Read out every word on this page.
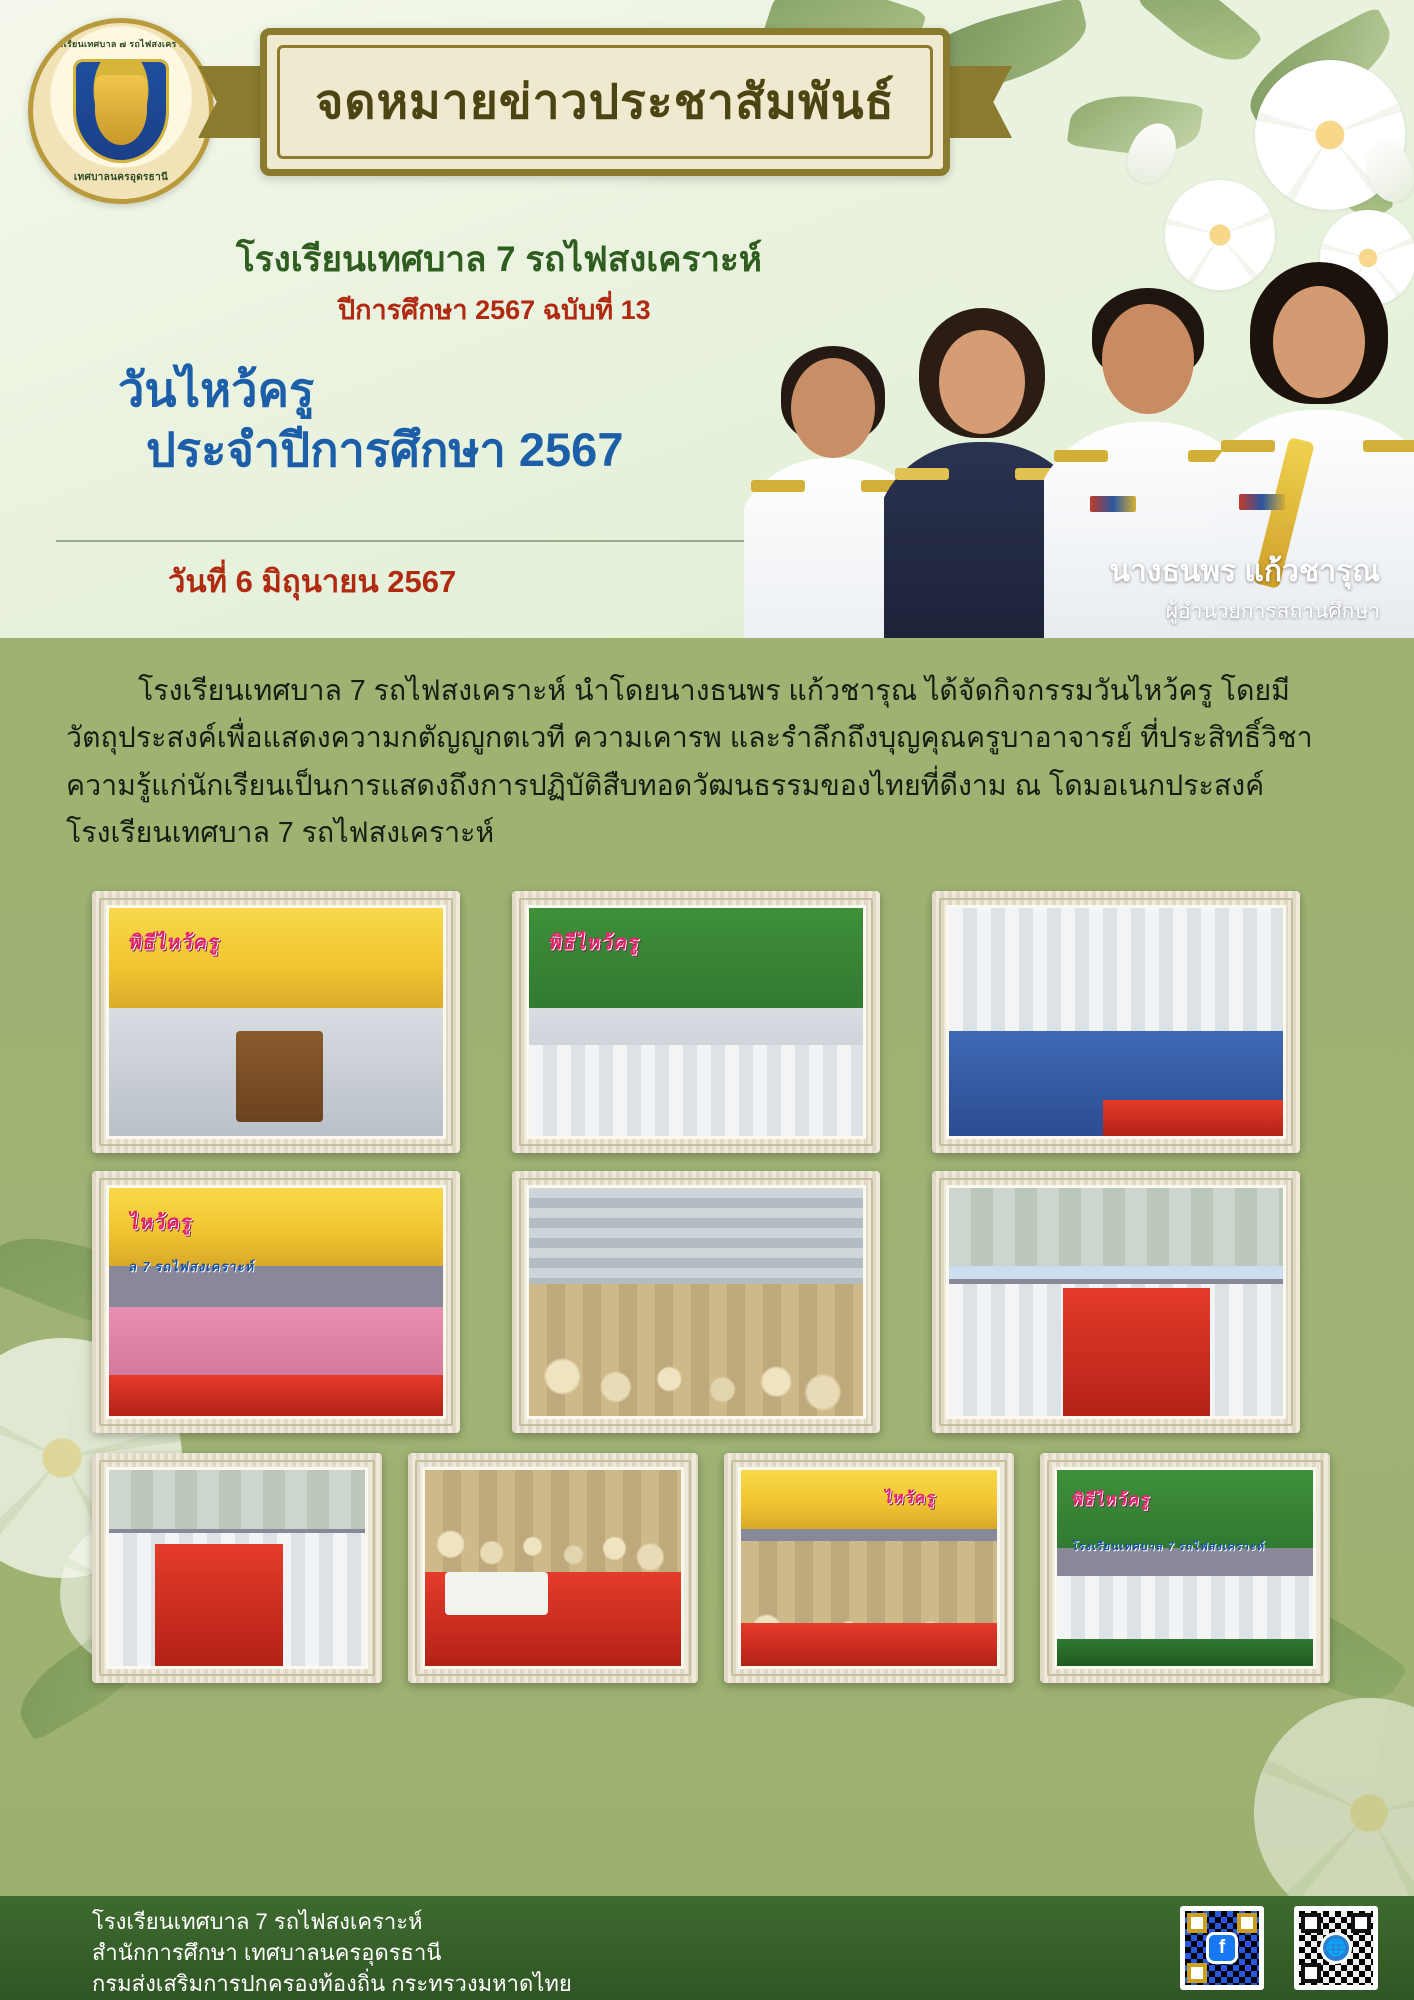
โรงเรียนเทศบาล ๗ รถไฟสงเคราะห์
เทศบาลนครอุดรธานี
จดหมายข่าวประชาสัมพันธ์
โรงเรียนเทศบาล 7 รถไฟสงเคราะห์
ปีการศึกษา 2567 ฉบับที่ 13
วันไหว้ครู
ประจำปีการศึกษา 2567
วันที่ 6 มิถุนายน 2567	นางธนพร แก้วชารุณ
ผู้อำนวยการสถานศึกษา
โรงเรียนเทศบาล 7 รถไฟสงเคราะห์ นำโดยนางธนพร แก้วชารุณ ได้จัดกิจกรรมวันไหว้ครู โดยมีวัตถุประสงค์เพื่อแสดงความกตัญญูกตเวที ความเคารพ และรำลึกถึงบุญคุณครูบาอาจารย์ ที่ประสิทธิ์วิชาความรู้แก่นักเรียนเป็นการแสดงถึงการปฏิบัติสืบทอดวัฒนธรรมของไทยที่ดีงาม ณ โดมอเนกประสงค์ โรงเรียนเทศบาล 7 รถไฟสงเคราะห์
พิธีไหว้ครู	พิธีไหว้ครู
ไหว้ครู
ล 7 รถไฟสงเคราะห์
ไหว้ครู	พิธีไหว้ครู
โรงเรียนเทศบาล 7 รถไฟสงเคราะห์
โรงเรียนเทศบาล 7 รถไฟสงเคราะห์
สำนักการศึกษา เทศบาลนครอุดรธานี
กรมส่งเสริมการปกครองท้องถิ่น กระทรวงมหาดไทย
f	🌐
